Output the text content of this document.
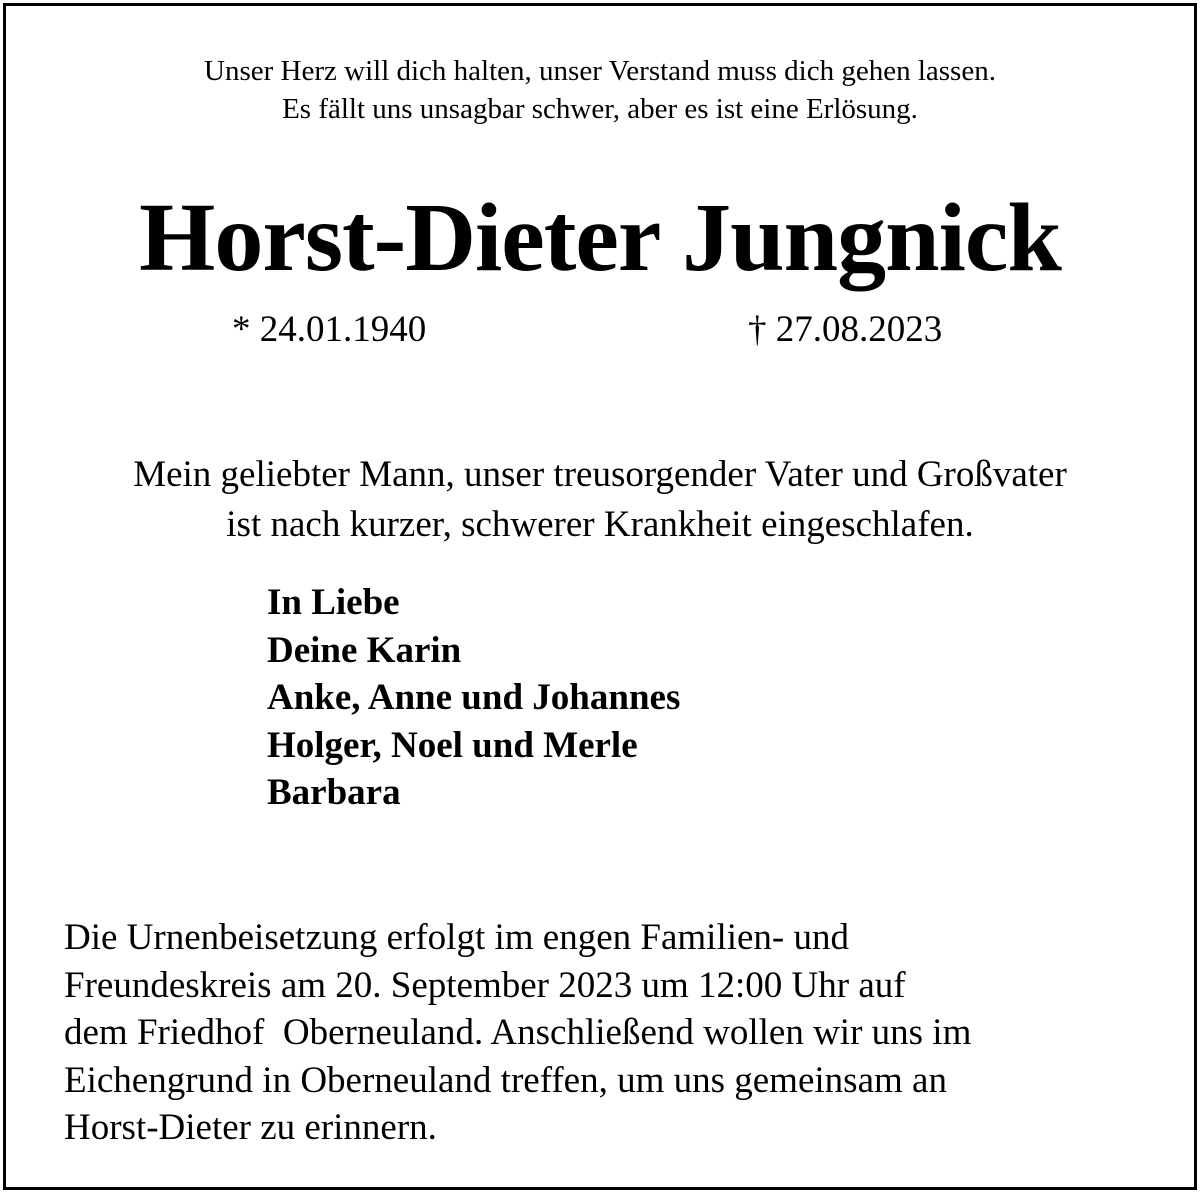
Unser Herz will dich halten, unser Verstand muss dich gehen lassen.
Es fällt uns unsagbar schwer, aber es ist eine Erlösung.
Horst-Dieter Jungnick
* 24.01.1940	† 27.08.2023
Mein geliebter Mann, unser treusorgender Vater und Großvater
ist nach kurzer, schwerer Krankheit eingeschlafen.
In Liebe
Deine Karin
Anke, Anne und Johannes
Holger, Noel und Merle
Barbara
Die Urnenbeisetzung erfolgt im engen Familien- und
Freundeskreis am 20. September 2023 um 12:00 Uhr auf
dem Friedhof  Oberneuland. Anschließend wollen wir uns im
Eichengrund in Oberneuland treffen, um uns gemeinsam an
Horst-Dieter zu erinnern.
